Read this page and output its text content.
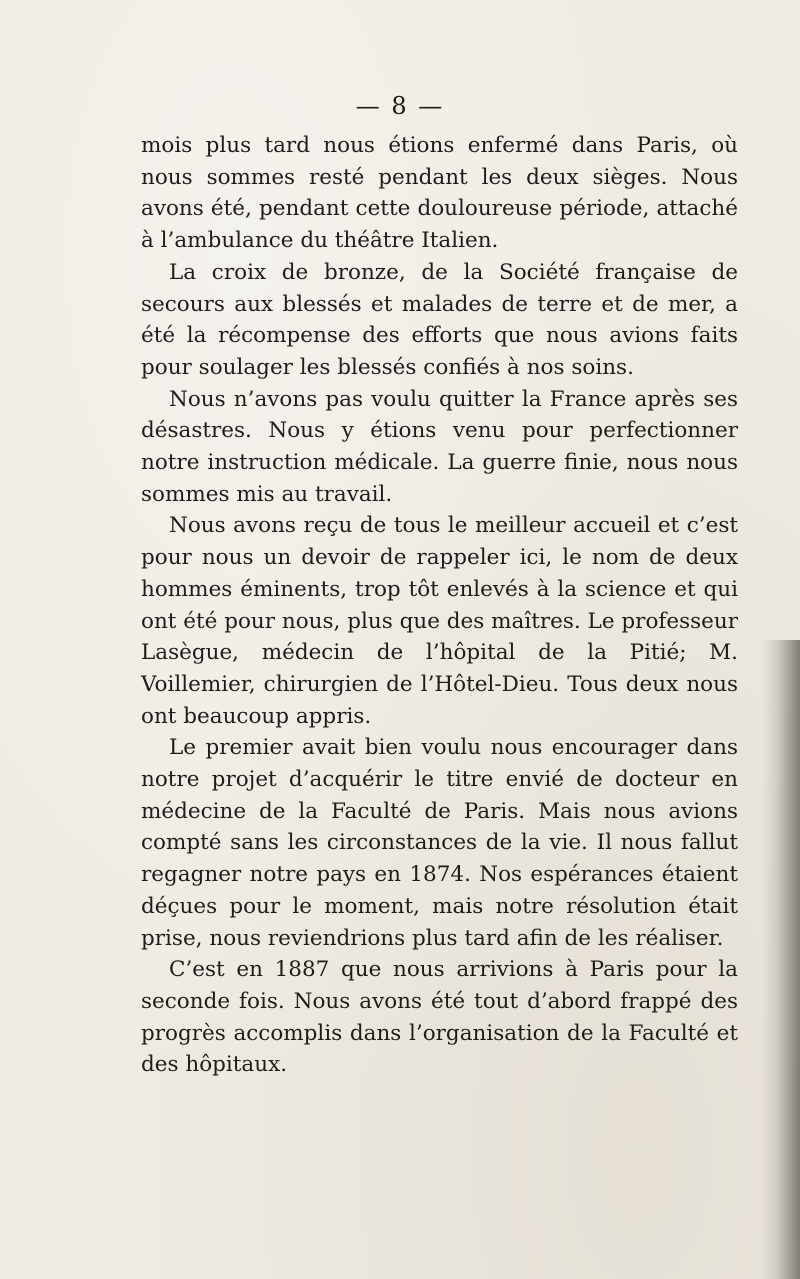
— 8 —

mois plus tard nous étions enfermé dans Paris, où nous sommes resté pendant les deux sièges. Nous avons été, pendant cette douloureuse période, attaché à l’ambulance du théâtre Italien.

La croix de bronze, de la Société française de secours aux blessés et malades de terre et de mer, a été la récompense des efforts que nous avions faits pour soulager les blessés confiés à nos soins.

Nous n’avons pas voulu quitter la France après ses désastres. Nous y étions venu pour perfectionner notre instruction médicale. La guerre finie, nous nous sommes mis au travail.

Nous avons reçu de tous le meilleur accueil et c’est pour nous un devoir de rappeler ici, le nom de deux hommes éminents, trop tôt enlevés à la science et qui ont été pour nous, plus que des maîtres. Le professeur Lasègue, médecin de l’hôpital de la Pitié; M. Voillemier, chirurgien de l’Hôtel-Dieu. Tous deux nous ont beaucoup appris.

Le premier avait bien voulu nous encourager dans notre projet d’acquérir le titre envié de docteur en médecine de la Faculté de Paris. Mais nous avions compté sans les circonstances de la vie. Il nous fallut regagner notre pays en 1874. Nos espérances étaient déçues pour le moment, mais notre résolution était prise, nous reviendrions plus tard afin de les réaliser.

C’est en 1887 que nous arrivions à Paris pour la seconde fois. Nous avons été tout d’abord frappé des progrès accomplis dans l’organisation de la Faculté et des hôpitaux.
